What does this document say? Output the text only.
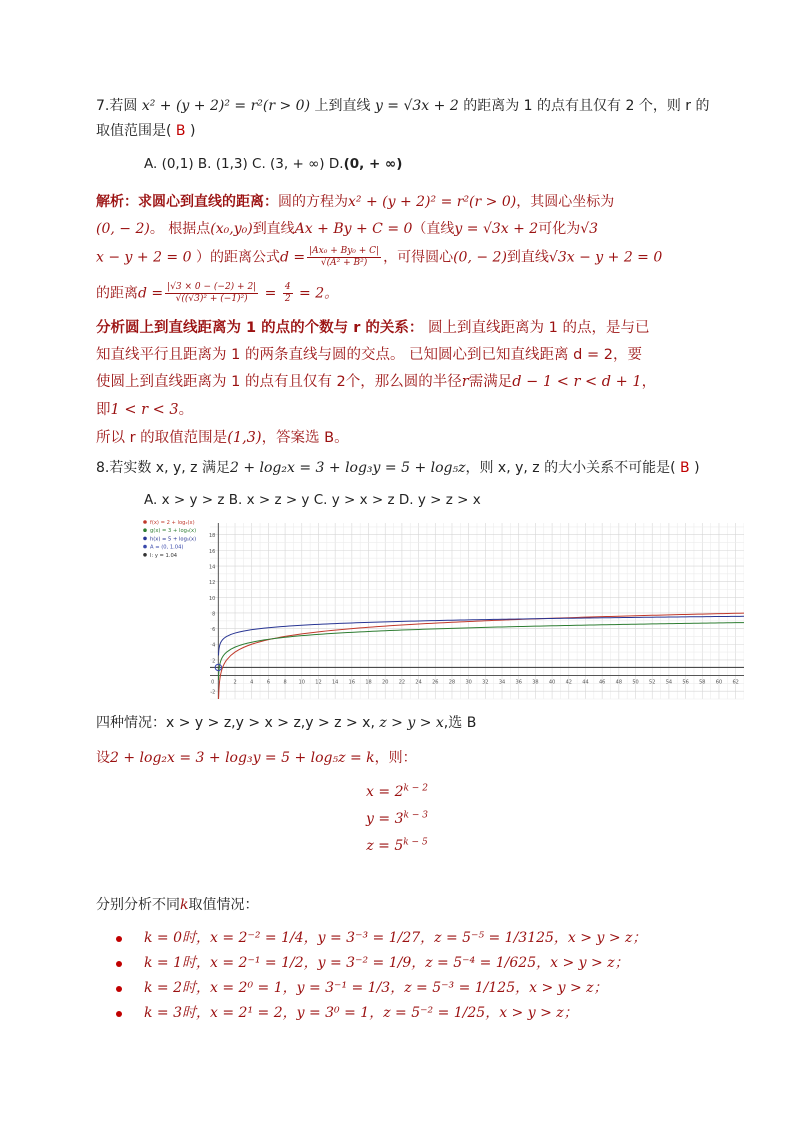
7.若圆 x² + (y + 2)² = r²(r > 0) 上到直线 y = √3x + 2 的距离为 1 的点有且仅有 2 个，则 r 的
取值范围是( B )
A. (0,1) B. (1,3) C. (3, + ∞) D.(0, + ∞)
解析：求圆心到直线的距离：圆的方程为x² + (y + 2)² = r²(r > 0)，其圆心坐标为
(0, − 2)。 根据点(x₀,y₀)到直线Ax + By + C = 0（直线y = √3x + 2可化为√3
x − y + 2 = 0 ）的距离公式$d = \frac{\text{|Ax₀ + By₀ + C|}}{\text{√(A² + B²)}}$ ，可得圆心(0, − 2)到直线√3x − y + 2 = 0
的距离$d = \frac{|√3 \times 0 - (-2) + 2|}{\text{√((√3)² + (−1)²)}} = \frac{4}{2} = 2$。
分析圆上到直线距离为 1 的点的个数与 r 的关系： 圆上到直线距离为 1 的点，是与已
知直线平行且距离为 1 的两条直线与圆的交点。 已知圆心到已知直线距离 d = 2，要
使圆上到直线距离为 1 的点有且仅有 2个，那么圆的半径r需满足d − 1 < r < d + 1，
即1 < r < 3。
所以 r 的取值范围是(1,3)，答案选 B。
8.若实数 x, y, z 满足2 + log₂x = 3 + log₃y = 5 + log₅z，则 x, y, z 的大小关系不可能是( B )
A. x > y > z B. x > z > y C. y > x > z D. y > z > x
18
16
14
12
10
8
6
4
2
-2
2	4	6	8 10 12 14 16 18 20 22 24 26 28 30 32 34 36 38 40 42 44 46 48 50 52 54 56 58 60 62
0
f(x) = 2 + log₂(x)
g(x) = 3 + log₃(x)
h(x) = 5 + log₅(x)
A = (0, 1.04)
l: y = 1.04
四种情况：x > y > z,y > x > z,y > z > x, z > y > x,选 B
设2 + log₂x = 3 + log₃y = 5 + log₅z = k，则：
$x = 2^{k - 2}$
$y = 3^{k - 3}$
$z = 5^{k - 5}$
分别分析不同k取值情况：
k = 0时，x = 2⁻² = 1/4，y = 3⁻³ = 1/27，z = 5⁻⁵ = 1/3125，x > y > z；
k = 1时，x = 2⁻¹ = 1/2，y = 3⁻² = 1/9，z = 5⁻⁴ = 1/625，x > y > z；
k = 2时，x = 2⁰ = 1，y = 3⁻¹ = 1/3，z = 5⁻³ = 1/125，x > y > z；
k = 3时，x = 2¹ = 2，y = 3⁰ = 1，z = 5⁻² = 1/25，x > y > z；
